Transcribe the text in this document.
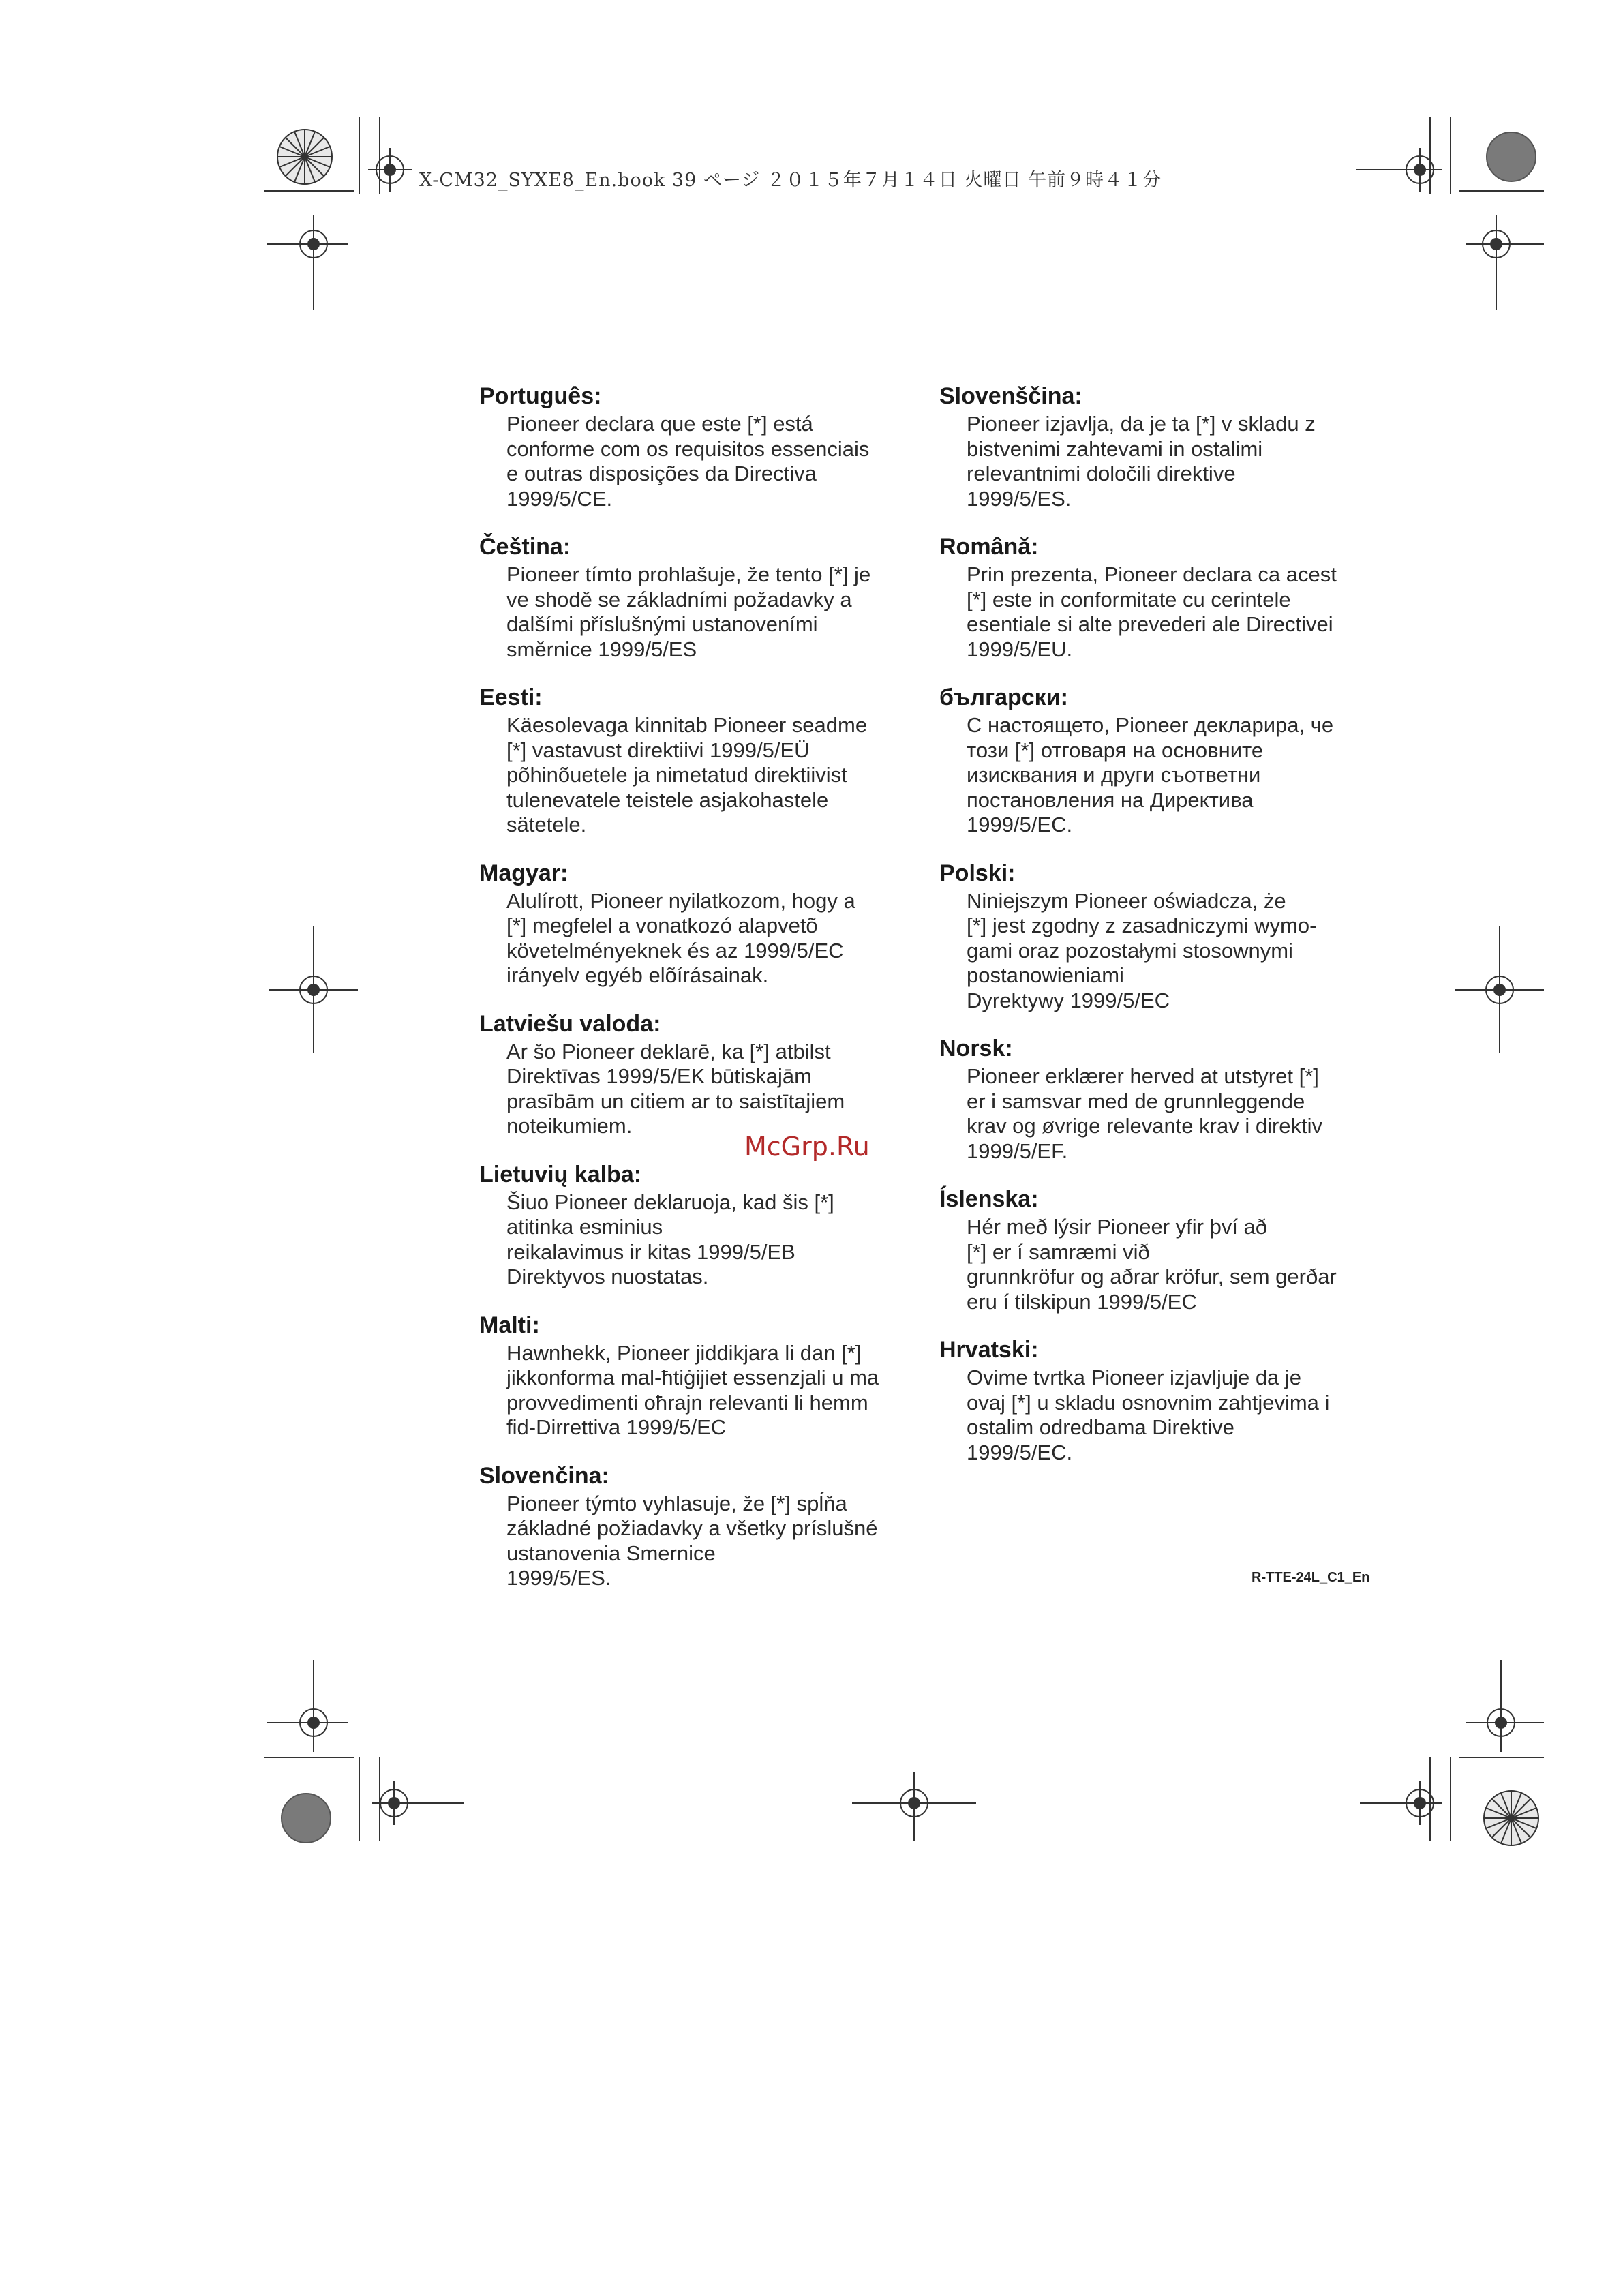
X-CM32_SYXE8_En.book 39 ページ ２０１５年７月１４日 火曜日 午前９時４１分
Português:
Pioneer declara que este [*] está
conforme com os requisitos essenciais
e outras disposições da Directiva
1999/5/CE.
Čeština:
Pioneer tímto prohlašuje, že tento [*] je
ve shodě se základními požadavky a
dalšími příslušnými ustanoveními
směrnice 1999/5/ES
Eesti:
Käesolevaga kinnitab Pioneer seadme
[*] vastavust direktiivi 1999/5/EÜ
põhinõuetele ja nimetatud direktiivist
tulenevatele teistele asjakohastele
sätetele.
Magyar:
Alulírott, Pioneer nyilatkozom, hogy a
[*] megfelel a vonatkozó alapvetõ
követelményeknek és az 1999/5/EC
irányelv egyéb elõírásainak.
Latviešu valoda:
Ar šo Pioneer deklarē, ka [*] atbilst
Direktīvas 1999/5/EK būtiskajām
prasībām un citiem ar to saistītajiem
noteikumiem.
Lietuvių kalba:
Šiuo Pioneer deklaruoja, kad šis [*]
atitinka esminius
reikalavimus ir kitas 1999/5/EB
Direktyvos nuostatas.
Malti:
Hawnhekk, Pioneer jiddikjara li dan [*]
jikkonforma mal-ħtiġijiet essenzjali u ma
provvedimenti oħrajn relevanti li hemm
fid-Dirrettiva 1999/5/EC
Slovenčina:
Pioneer týmto vyhlasuje, že [*] spĺňa
základné požiadavky a všetky príslušné
ustanovenia Smernice
1999/5/ES.
Slovenščina:
Pioneer izjavlja, da je ta [*] v skladu z
bistvenimi zahtevami in ostalimi
relevantnimi določili direktive
1999/5/ES.
Română:
Prin prezenta, Pioneer declara ca acest
[*] este in conformitate cu cerintele
esentiale si alte prevederi ale Directivei
1999/5/EU.
български:
С настоящето, Pioneer декларира, че
този [*] отговаря на основните
изисквания и други съответни
постановления на Директива
1999/5/EC.
Polski:
Niniejszym Pioneer oświadcza, że
[*] jest zgodny z zasadniczymi wymo-
gami oraz pozostałymi stosownymi
postanowieniami
Dyrektywy 1999/5/EC
Norsk:
Pioneer erklærer herved at utstyret [*]
er i samsvar med de grunnleggende
krav og øvrige relevante krav i direktiv
1999/5/EF.
Íslenska:
Hér með lýsir Pioneer yfir því að
[*] er í samræmi við
grunnkröfur og aðrar kröfur, sem gerðar
eru í tilskipun 1999/5/EC
Hrvatski:
Ovime tvrtka Pioneer izjavljuje da je
ovaj [*] u skladu osnovnim zahtjevima i
ostalim odredbama Direktive
1999/5/EC.
McGrp.Ru
R-TTE-24L_C1_En
